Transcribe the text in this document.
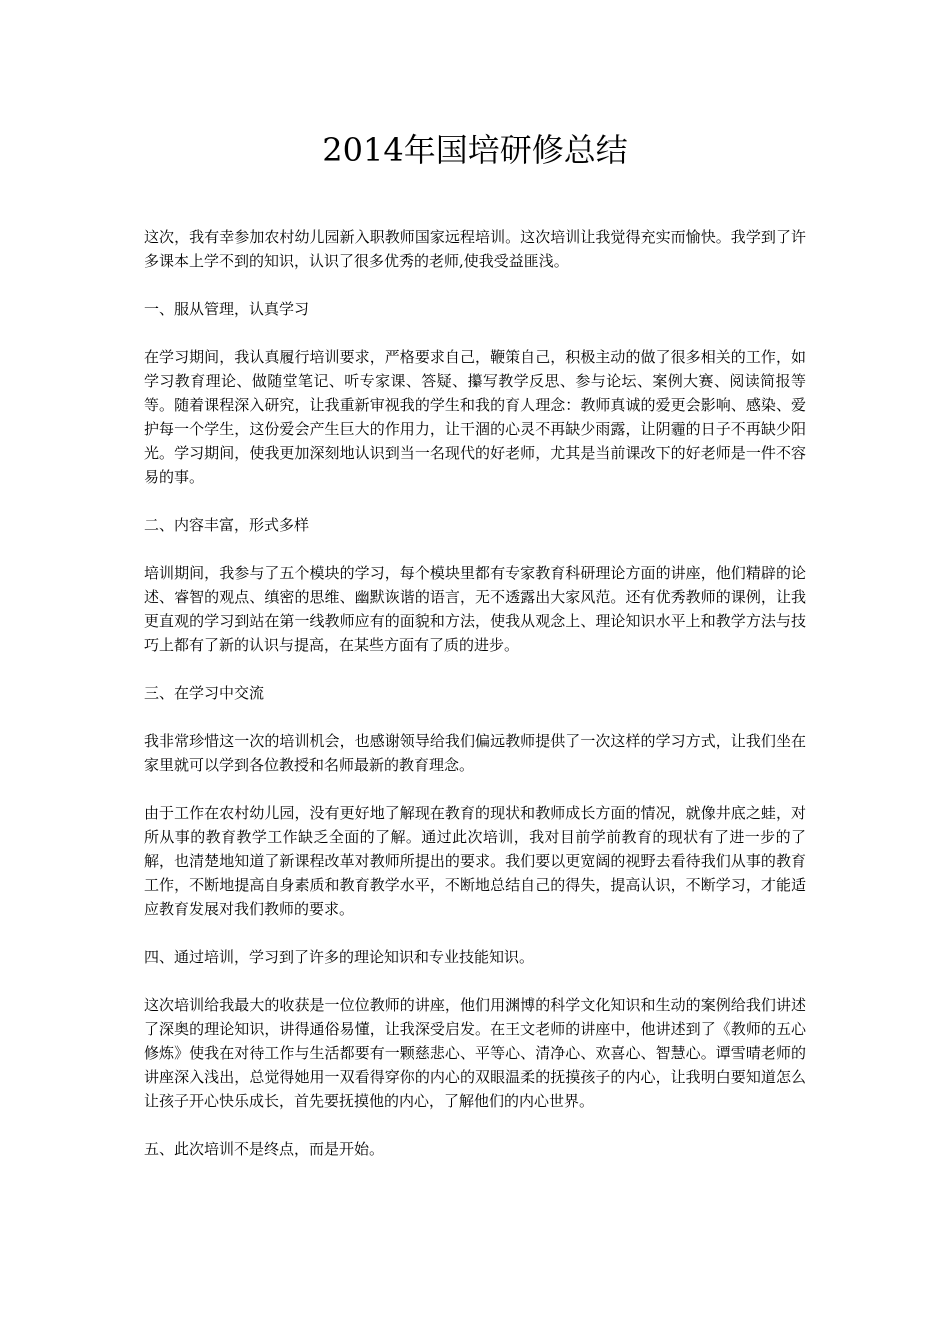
2014年国培研修总结

这次，我有幸参加农村幼儿园新入职教师国家远程培训。这次培训让我觉得充实而愉快。我学到了许多课本上学不到的知识，认识了很多优秀的老师,使我受益匪浅。

一、服从管理，认真学习

在学习期间，我认真履行培训要求，严格要求自己，鞭策自己，积极主动的做了很多相关的工作，如学习教育理论、做随堂笔记、听专家课、答疑、攥写教学反思、参与论坛、案例大赛、阅读简报等等。随着课程深入研究，让我重新审视我的学生和我的育人理念：教师真诚的爱更会影响、感染、爱护每一个学生，这份爱会产生巨大的作用力，让干涸的心灵不再缺少雨露，让阴霾的日子不再缺少阳光。学习期间，使我更加深刻地认识到当一名现代的好老师，尤其是当前课改下的好老师是一件不容易的事。

二、内容丰富，形式多样

培训期间，我参与了五个模块的学习，每个模块里都有专家教育科研理论方面的讲座，他们精辟的论述、睿智的观点、缜密的思维、幽默诙谐的语言，无不透露出大家风范。还有优秀教师的课例，让我更直观的学习到站在第一线教师应有的面貌和方法，使我从观念上、理论知识水平上和教学方法与技巧上都有了新的认识与提高，在某些方面有了质的进步。

三、在学习中交流

我非常珍惜这一次的培训机会，也感谢领导给我们偏远教师提供了一次这样的学习方式，让我们坐在家里就可以学到各位教授和名师最新的教育理念。

由于工作在农村幼儿园，没有更好地了解现在教育的现状和教师成长方面的情况，就像井底之蛙，对所从事的教育教学工作缺乏全面的了解。通过此次培训，我对目前学前教育的现状有了进一步的了解，也清楚地知道了新课程改革对教师所提出的要求。我们要以更宽阔的视野去看待我们从事的教育工作，不断地提高自身素质和教育教学水平，不断地总结自己的得失，提高认识，不断学习，才能适应教育发展对我们教师的要求。

四、通过培训，学习到了许多的理论知识和专业技能知识。

这次培训给我最大的收获是一位位教师的讲座，他们用渊博的科学文化知识和生动的案例给我们讲述了深奥的理论知识，讲得通俗易懂，让我深受启发。在王文老师的讲座中，他讲述到了《教师的五心修炼》使我在对待工作与生活都要有一颗慈悲心、平等心、清净心、欢喜心、智慧心。谭雪晴老师的讲座深入浅出，总觉得她用一双看得穿你的内心的双眼温柔的抚摸孩子的内心，让我明白要知道怎么让孩子开心快乐成长，首先要抚摸他的内心，了解他们的内心世界。

五、此次培训不是终点，而是开始。
